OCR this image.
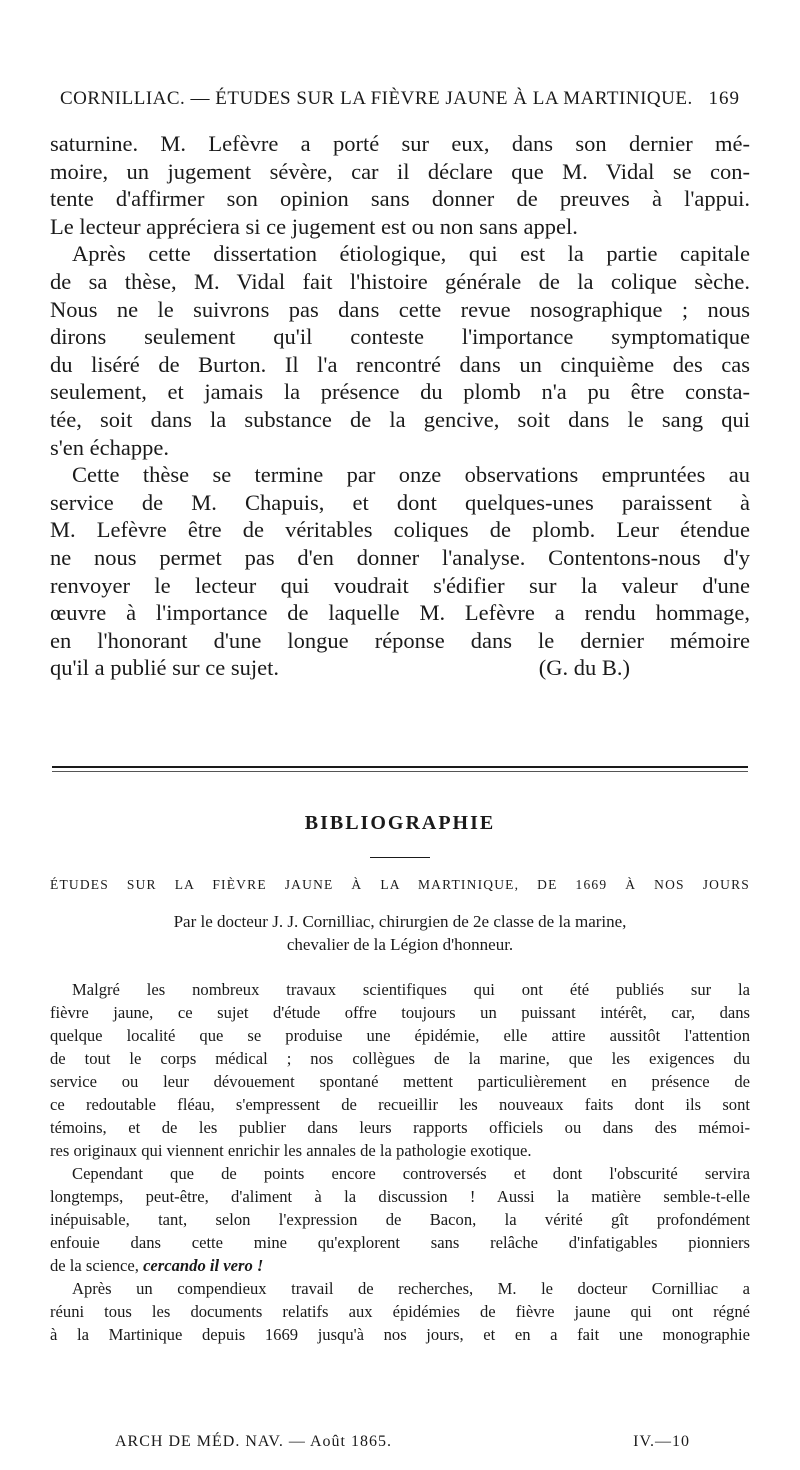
CORNILLIAC. — ÉTUDES SUR LA FIÈVRE JAUNE À LA MARTINIQUE. 169
saturnine. M. Lefèvre a porté sur eux, dans son dernier mé-
moire, un jugement sévère, car il déclare que M. Vidal se con-
tente d'affirmer son opinion sans donner de preuves à l'appui.
Le lecteur appréciera si ce jugement est ou non sans appel.
Après cette dissertation étiologique, qui est la partie capitale
de sa thèse, M. Vidal fait l'histoire générale de la colique sèche.
Nous ne le suivrons pas dans cette revue nosographique ; nous
dirons seulement qu'il conteste l'importance symptomatique
du liséré de Burton. Il l'a rencontré dans un cinquième des cas
seulement, et jamais la présence du plomb n'a pu être consta-
tée, soit dans la substance de la gencive, soit dans le sang qui
s'en échappe.
Cette thèse se termine par onze observations empruntées au
service de M. Chapuis, et dont quelques-unes paraissent à
M. Lefèvre être de véritables coliques de plomb. Leur étendue
ne nous permet pas d'en donner l'analyse. Contentons-nous d'y
renvoyer le lecteur qui voudrait s'édifier sur la valeur d'une
œuvre à l'importance de laquelle M. Lefèvre a rendu hommage,
en l'honorant d'une longue réponse dans le dernier mémoire
qu'il a publié sur ce sujet.	(G. du B.)
BIBLIOGRAPHIE
ÉTUDES SUR LA FIÈVRE JAUNE À LA MARTINIQUE, DE 1669 À NOS JOURS
Par le docteur J. J. Cornilliac, chirurgien de 2e classe de la marine,
chevalier de la Légion d'honneur.
Malgré les nombreux travaux scientifiques qui ont été publiés sur la
fièvre jaune, ce sujet d'étude offre toujours un puissant intérêt, car, dans
quelque localité que se produise une épidémie, elle attire aussitôt l'attention
de tout le corps médical ; nos collègues de la marine, que les exigences du
service ou leur dévouement spontané mettent particulièrement en présence de
ce redoutable fléau, s'empressent de recueillir les nouveaux faits dont ils sont
témoins, et de les publier dans leurs rapports officiels ou dans des mémoi-
res originaux qui viennent enrichir les annales de la pathologie exotique.
Cependant que de points encore controversés et dont l'obscurité servira
longtemps, peut-être, d'aliment à la discussion ! Aussi la matière semble-t-elle
inépuisable, tant, selon l'expression de Bacon, la vérité gît profondément
enfouie dans cette mine qu'explorent sans relâche d'infatigables pionniers
de la science, cercando il vero !
Après un compendieux travail de recherches, M. le docteur Cornilliac a
réuni tous les documents relatifs aux épidémies de fièvre jaune qui ont régné
à la Martinique depuis 1669 jusqu'à nos jours, et en a fait une monographie
ARCH DE MÉD. NAV. — Août 1865.	IV.—10
